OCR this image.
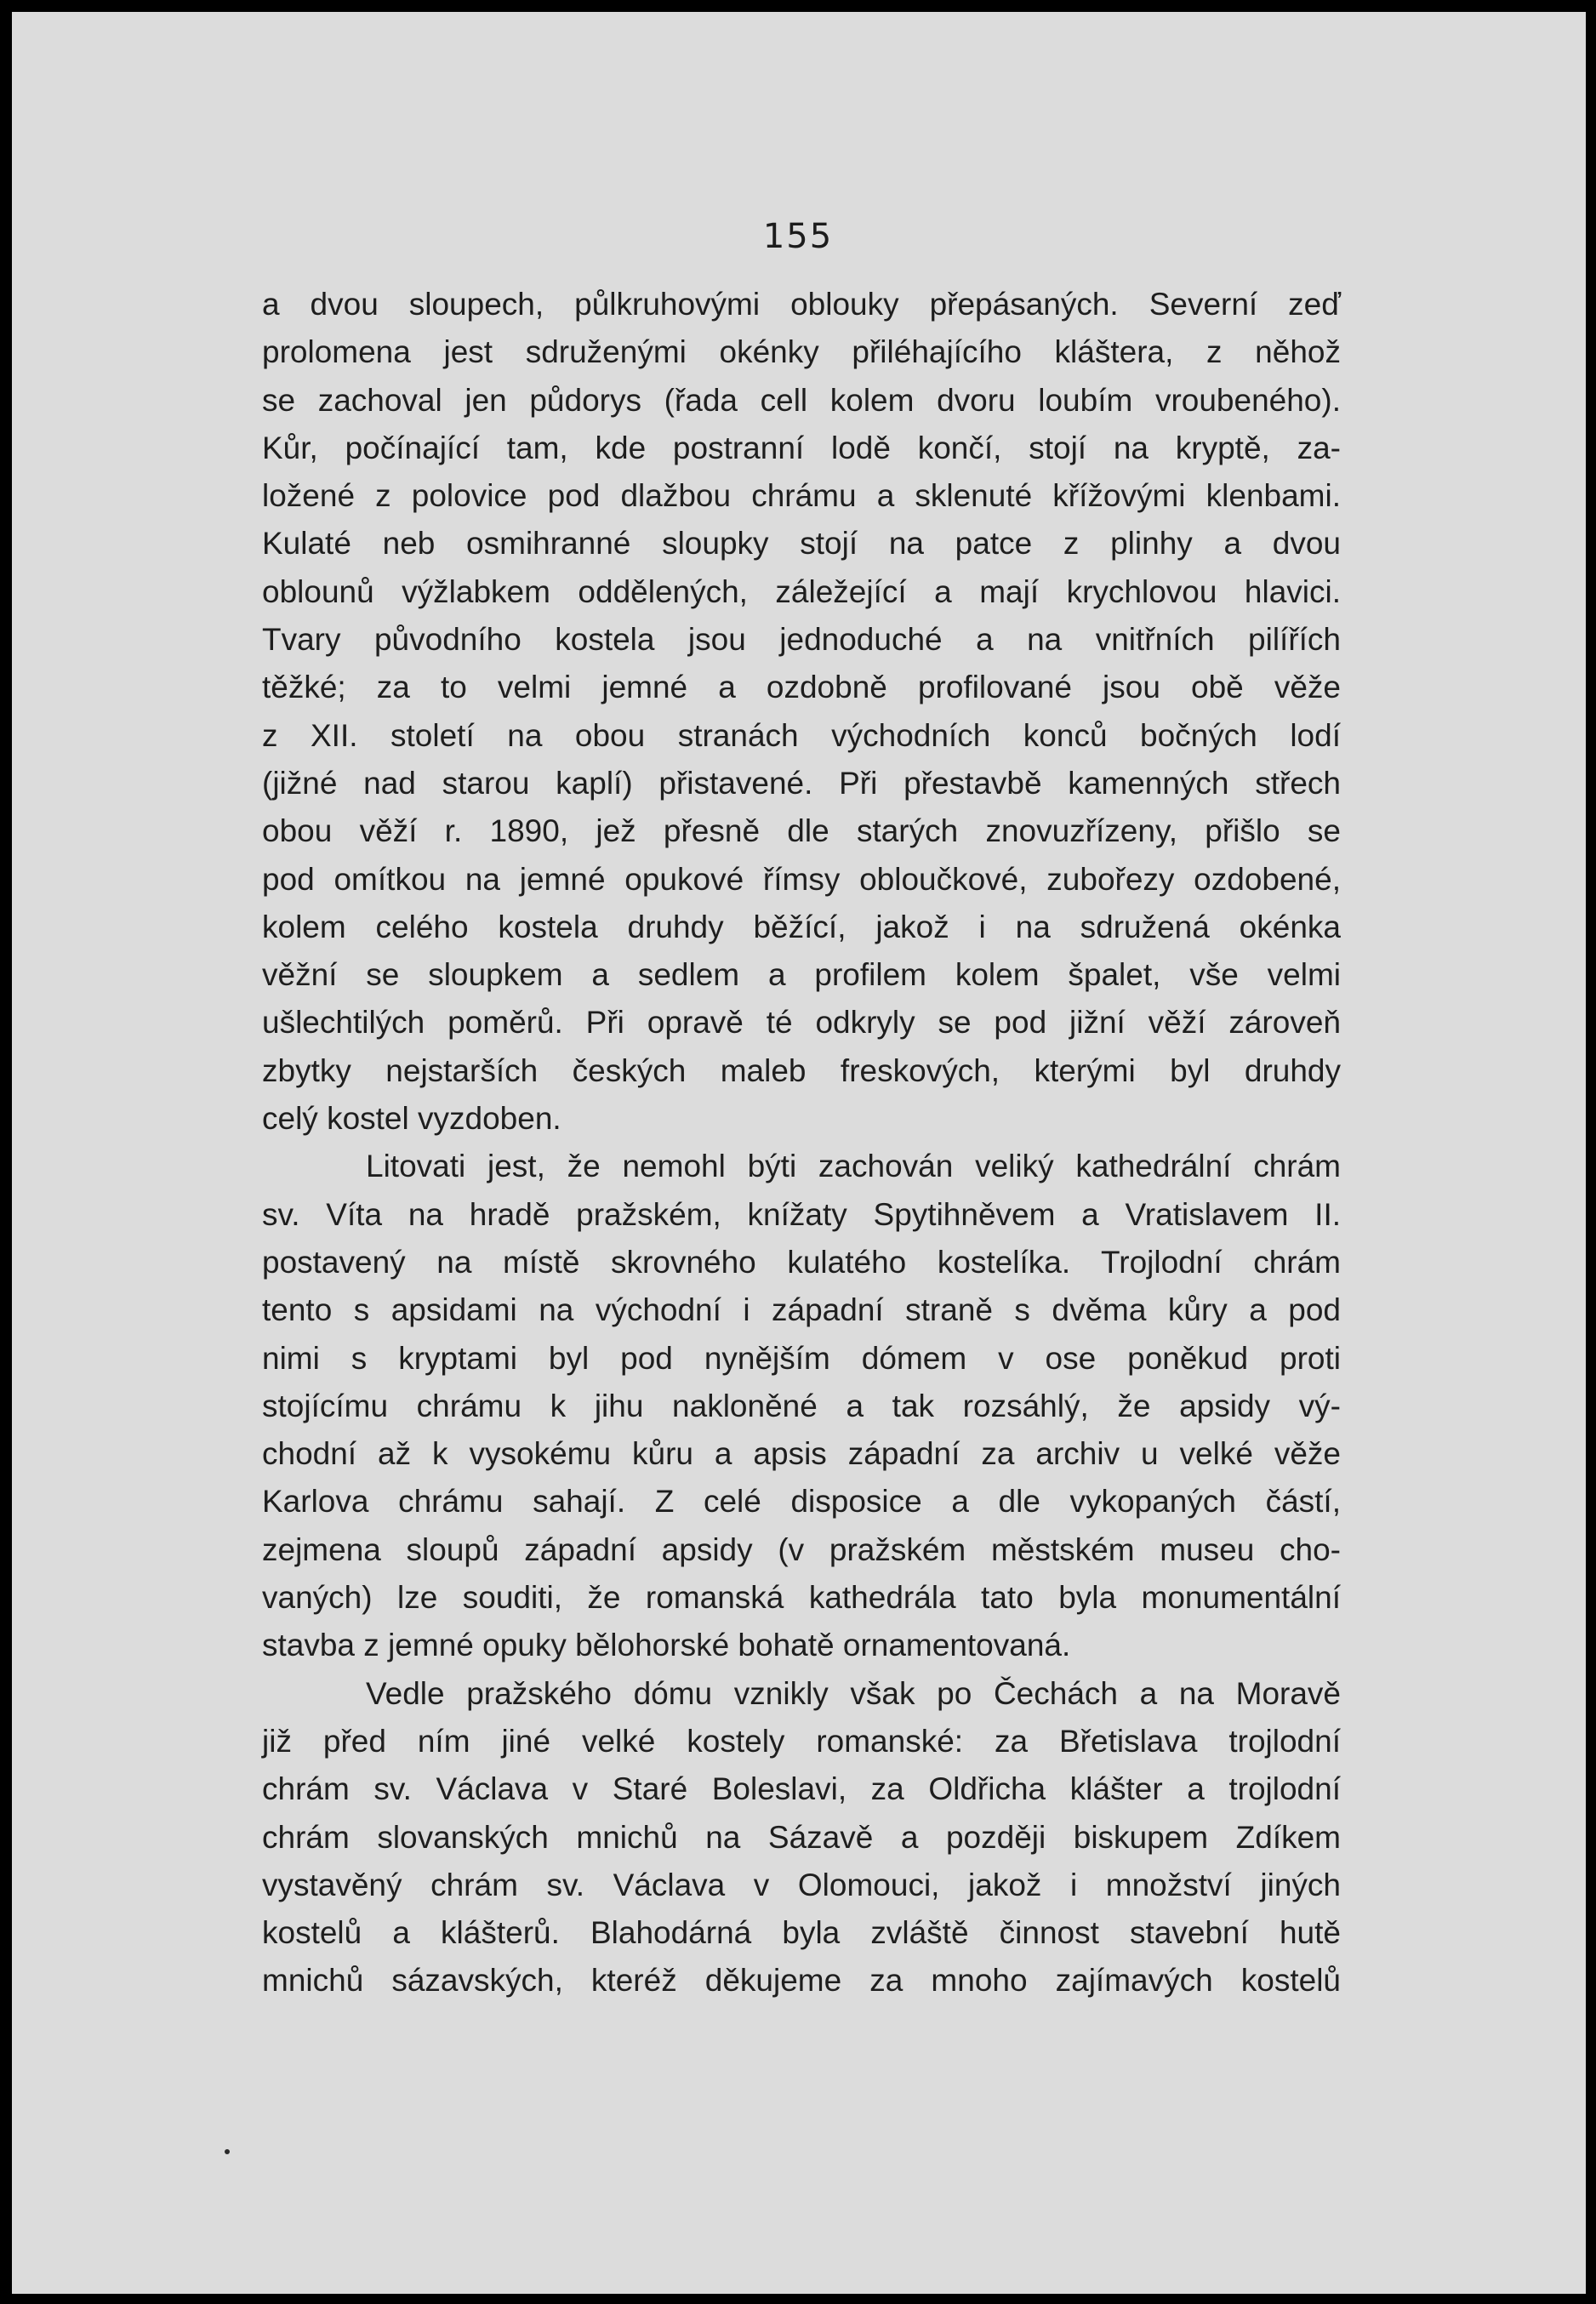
155
a dvou sloupech, půlkruhovými oblouky přepásaných. Severní zeď
prolomena jest sdruženými okénky přiléhajícího kláštera, z něhož
se zachoval jen půdorys (řada cell kolem dvoru loubím vroubeného).
Kůr, počínající tam, kde postranní lodě končí, stojí na kryptě, za-
ložené z polovice pod dlažbou chrámu a sklenuté křížovými klenbami.
Kulaté neb osmihranné sloupky stojí na patce z plinhy a dvou
oblounů výžlabkem oddělených, záležející a mají krychlovou hlavici.
Tvary původního kostela jsou jednoduché a na vnitřních pilířích
těžké; za to velmi jemné a ozdobně profilované jsou obě věže
z XII. století na obou stranách východních konců bočných lodí
(jižné nad starou kaplí) přistavené. Při přestavbě kamenných střech
obou věží r. 1890, jež přesně dle starých znovuzřízeny, přišlo se
pod omítkou na jemné opukové římsy obloučkové, zubořezy ozdobené,
kolem celého kostela druhdy běžící, jakož i na sdružená okénka
věžní se sloupkem a sedlem a profilem kolem špalet, vše velmi
ušlechtilých poměrů. Při opravě té odkryly se pod jižní věží zároveň
zbytky nejstarších českých maleb freskových, kterými byl druhdy
celý kostel vyzdoben.
Litovati jest, že nemohl býti zachován veliký kathedrální chrám
sv. Víta na hradě pražském, knížaty Spytihněvem a Vratislavem II.
postavený na místě skrovného kulatého kostelíka. Trojlodní chrám
tento s apsidami na východní i západní straně s dvěma kůry a pod
nimi s kryptami byl pod nynějším dómem v ose poněkud proti
stojícímu chrámu k jihu nakloněné a tak rozsáhlý, že apsidy vý-
chodní až k vysokému kůru a apsis západní za archiv u velké věže
Karlova chrámu sahají. Z celé disposice a dle vykopaných částí,
zejmena sloupů západní apsidy (v pražském městském museu cho-
vaných) lze souditi, že romanská kathedrála tato byla monumentální
stavba z jemné opuky bělohorské bohatě ornamentovaná.
Vedle pražského dómu vznikly však po Čechách a na Moravě
již před ním jiné velké kostely romanské: za Břetislava trojlodní
chrám sv. Václava v Staré Boleslavi, za Oldřicha klášter a trojlodní
chrám slovanských mnichů na Sázavě a později biskupem Zdíkem
vystavěný chrám sv. Václava v Olomouci, jakož i množství jiných
kostelů a klášterů. Blahodárná byla zvláště činnost stavební hutě
mnichů sázavských, kteréž děkujeme za mnoho zajímavých kostelů
